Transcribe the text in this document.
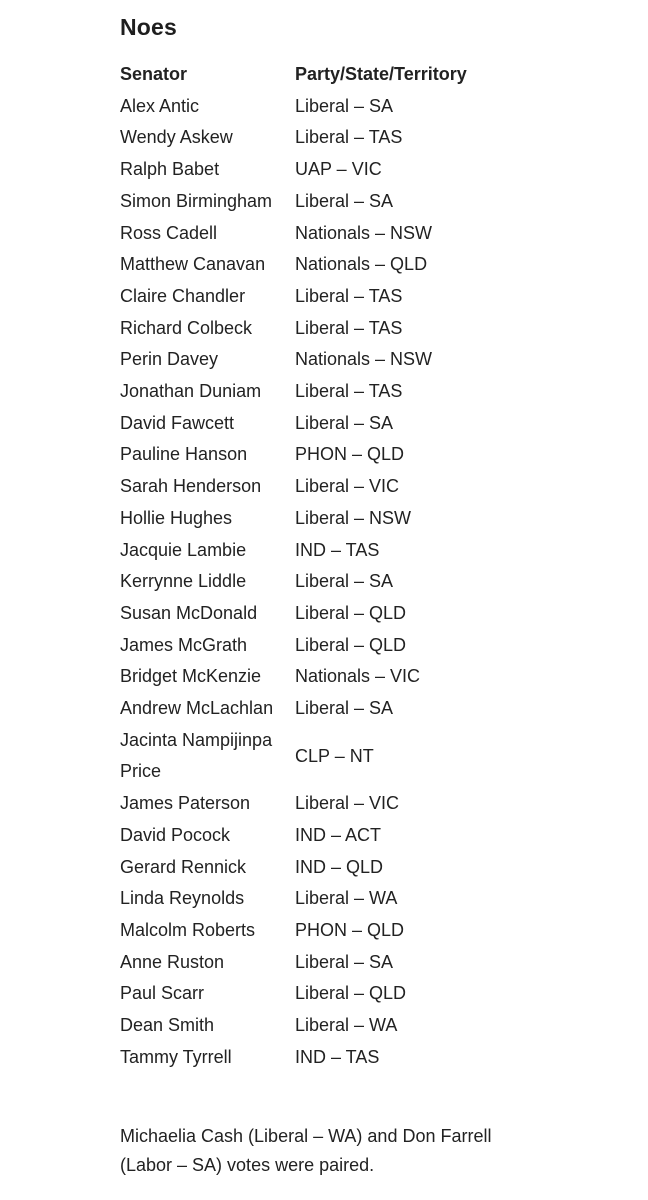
Noes
Senator	Party/State/Territory
Alex Antic	Liberal – SA
Wendy Askew	Liberal – TAS
Ralph Babet	UAP – VIC
Simon Birmingham	Liberal – SA
Ross Cadell	Nationals – NSW
Matthew Canavan	Nationals – QLD
Claire Chandler	Liberal – TAS
Richard Colbeck	Liberal – TAS
Perin Davey	Nationals – NSW
Jonathan Duniam	Liberal – TAS
David Fawcett	Liberal – SA
Pauline Hanson	PHON – QLD
Sarah Henderson	Liberal – VIC
Hollie Hughes	Liberal – NSW
Jacquie Lambie	IND – TAS
Kerrynne Liddle	Liberal – SA
Susan McDonald	Liberal – QLD
James McGrath	Liberal – QLD
Bridget McKenzie	Nationals – VIC
Andrew McLachlan	Liberal – SA
Jacinta Nampijinpa Price	CLP – NT
James Paterson	Liberal – VIC
David Pocock	IND – ACT
Gerard Rennick	IND – QLD
Linda Reynolds	Liberal – WA
Malcolm Roberts	PHON – QLD
Anne Ruston	Liberal – SA
Paul Scarr	Liberal – QLD
Dean Smith	Liberal – WA
Tammy Tyrrell	IND – TAS
Michaelia Cash (Liberal – WA) and Don Farrell (Labor – SA) votes were paired.
